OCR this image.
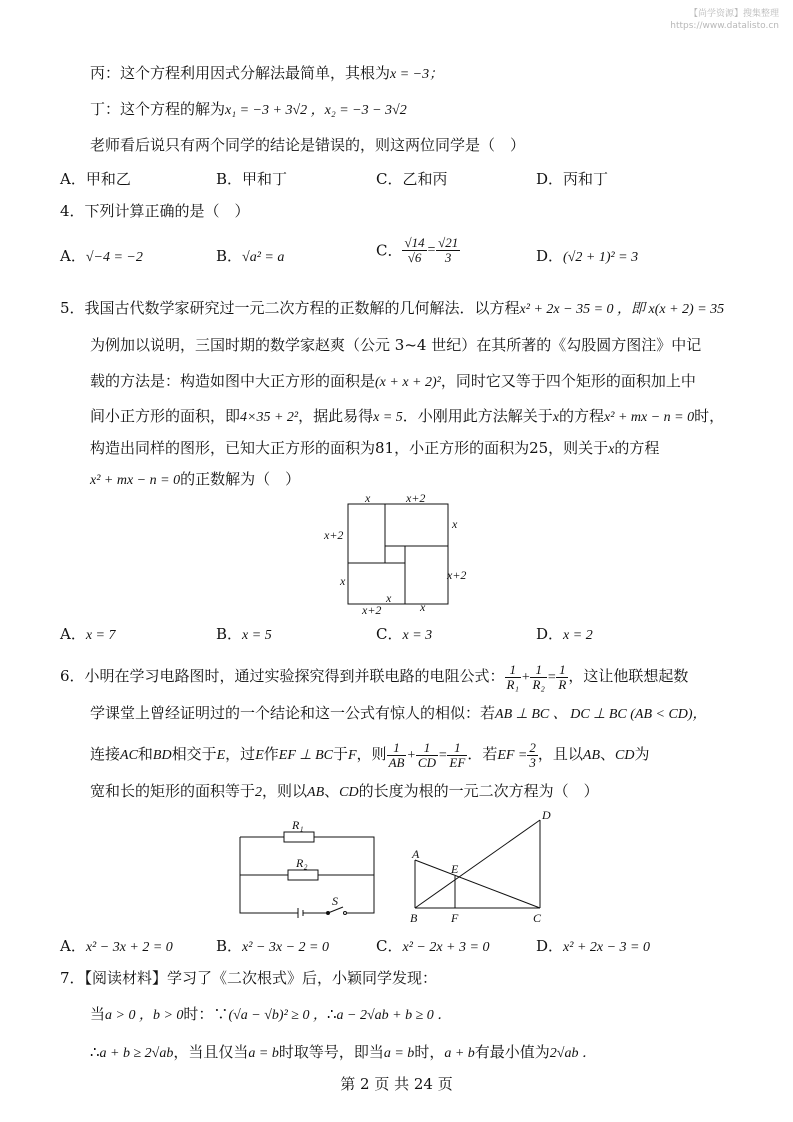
【尚学资源】搜集整理
https://www.datalisto.cn
丙：这个方程利用因式分解法最简单，其根为x = −3；
丁：这个方程的解为x₁ = −3 + 3√2 ，x₂ = −3 − 3√2
老师看后说只有两个同学的结论是错误的，则这两位同学是（　）
A．甲和乙	B．甲和丁	C．乙和丙	D．丙和丁
4．下列计算正确的是（　）
A．√−4 = −2	B．√a² = a	C． $\frac{√14}{√6} = \frac{√21}{3}$	D．(√2 + 1)² = 3
5．我国古代数学家研究过一元二次方程的正数解的几何解法．以方程x² + 2x − 35 = 0 ，即 x(x + 2) = 35
为例加以说明，三国时期的数学家赵爽（公元 3~4 世纪）在其所著的《勾股圆方图注》中记
载的方法是：构造如图中大正方形的面积是(x + x + 2)²，同时它又等于四个矩形的面积加上中
间小正方形的面积，即4×35 + 2²，据此易得x = 5．小刚用此方法解关于x的方程x² + mx − n = 0时，
构造出同样的图形，已知大正方形的面积为81，小正方形的面积为25，则关于x的方程
x² + mx − n = 0的正数解为（　）
x	x+2
x
x+2
x+2
x
x+2	x
x
A．x = 7	B．x = 5	C．x = 3	D．x = 2
6．小明在学习电路图时，通过实验探究得到并联电路的电阻公式： $\frac{1}{\text{R₁}} + \frac{1}{\text{R₂}} = \frac{1}{R}$ ，这让他联想起数
学课堂上曾经证明过的一个结论和这一公式有惊人的相似：若AB ⊥ BC 、 DC ⊥ BC (AB < CD)，
连接AC和BD相交于E，过E作EF ⊥ BC于F，则 $\frac{1}{AB} + \frac{1}{CD} = \frac{1}{EF}$ ．若EF = $\frac{2}{3}$ ，且以AB、CD为
宽和长的矩形的面积等于2，则以AB、CD的长度为根的一元二次方程为（　）
R₁
R₂
S
A
B	C
D
E
F
A．x² − 3x + 2 = 0	B．x² − 3x − 2 = 0	C．x² − 2x + 3 = 0	D．x² + 2x − 3 = 0
7．【阅读材料】学习了《二次根式》后，小颖同学发现：
当a > 0 ，b > 0时：∵(√a − √b)² ≥ 0 ，∴a − 2√ab + b ≥ 0 ．
∴a + b ≥ 2√ab，当且仅当a = b时取等号，即当a = b时，a + b有最小值为2√ab ．
第 2 页 共 24 页
